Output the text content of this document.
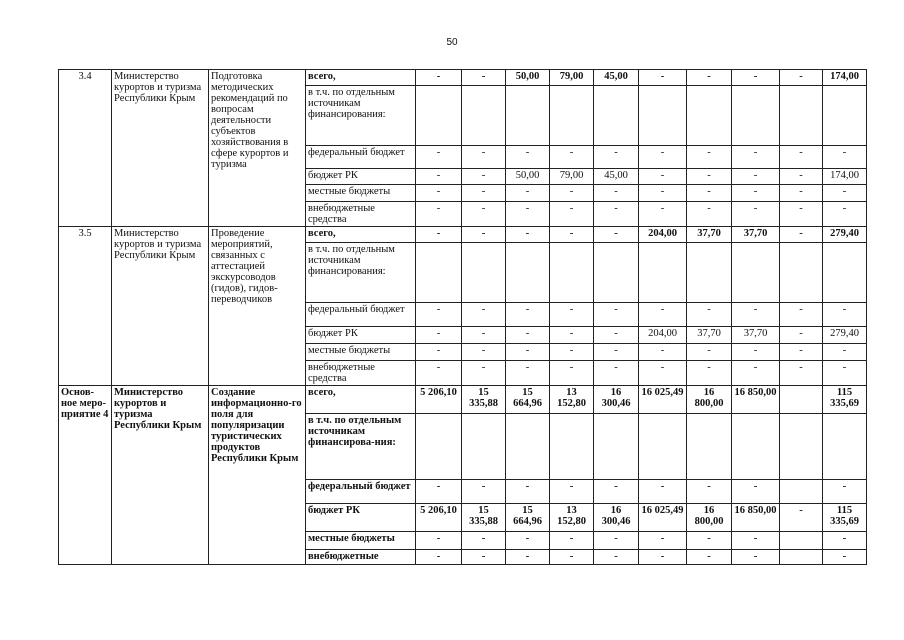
50
3.4	Министерство курортов и туризма Республики Крым	Подготовка методических рекомендаций по вопросам деятельности субъектов хозяйствования в сфере курортов и туризма	всего,	-	-	50,00	79,00	45,00	-	-	-	-	174,00
			в т.ч. по отдельным источникам финансирования:										
			федеральный бюджет	-	-	-	-	-	-	-	-	-	-
			бюджет РК	-	-	50,00	79,00	45,00	-	-	-	-	174,00
			местные бюджеты	-	-	-	-	-	-	-	-	-	-
			внебюджетные средства	-	-	-	-	-	-	-	-	-	-
3.5	Министерство курортов и туризма Республики Крым	Проведение мероприятий, связанных с аттестацией экскурсоводов (гидов), гидов-переводчиков	всего,	-	-	-	-	-	204,00	37,70	37,70	-	279,40
			в т.ч. по отдельным источникам финансирования:										
			федеральный бюджет	-	-	-	-	-	-	-	-	-	-
			бюджет РК	-	-	-	-	-	204,00	37,70	37,70	-	279,40
			местные бюджеты	-	-	-	-	-	-	-	-	-	-
			внебюджетные средства	-	-	-	-	-	-	-	-	-	-
Основ-ное меро-приятие 4	Министерство курортов и туризма Республики Крым	Создание информационно-го поля для популяризации туристических продуктов Республики Крым	всего,	5 206,10	15 335,88	15 664,96	13 152,80	16 300,46	16 025,49	16 800,00	16 850,00		115 335,69
			в т.ч. по отдельным источникам финансирова-ния:										
			федеральный бюджет	-	-	-	-	-	-	-	-		-
			бюджет РК	5 206,10	15 335,88	15 664,96	13 152,80	16 300,46	16 025,49	16 800,00	16 850,00	-	115 335,69
			местные бюджеты	-	-	-	-	-	-	-	-		-
			внебюджетные	-	-	-	-	-	-	-	-		-
